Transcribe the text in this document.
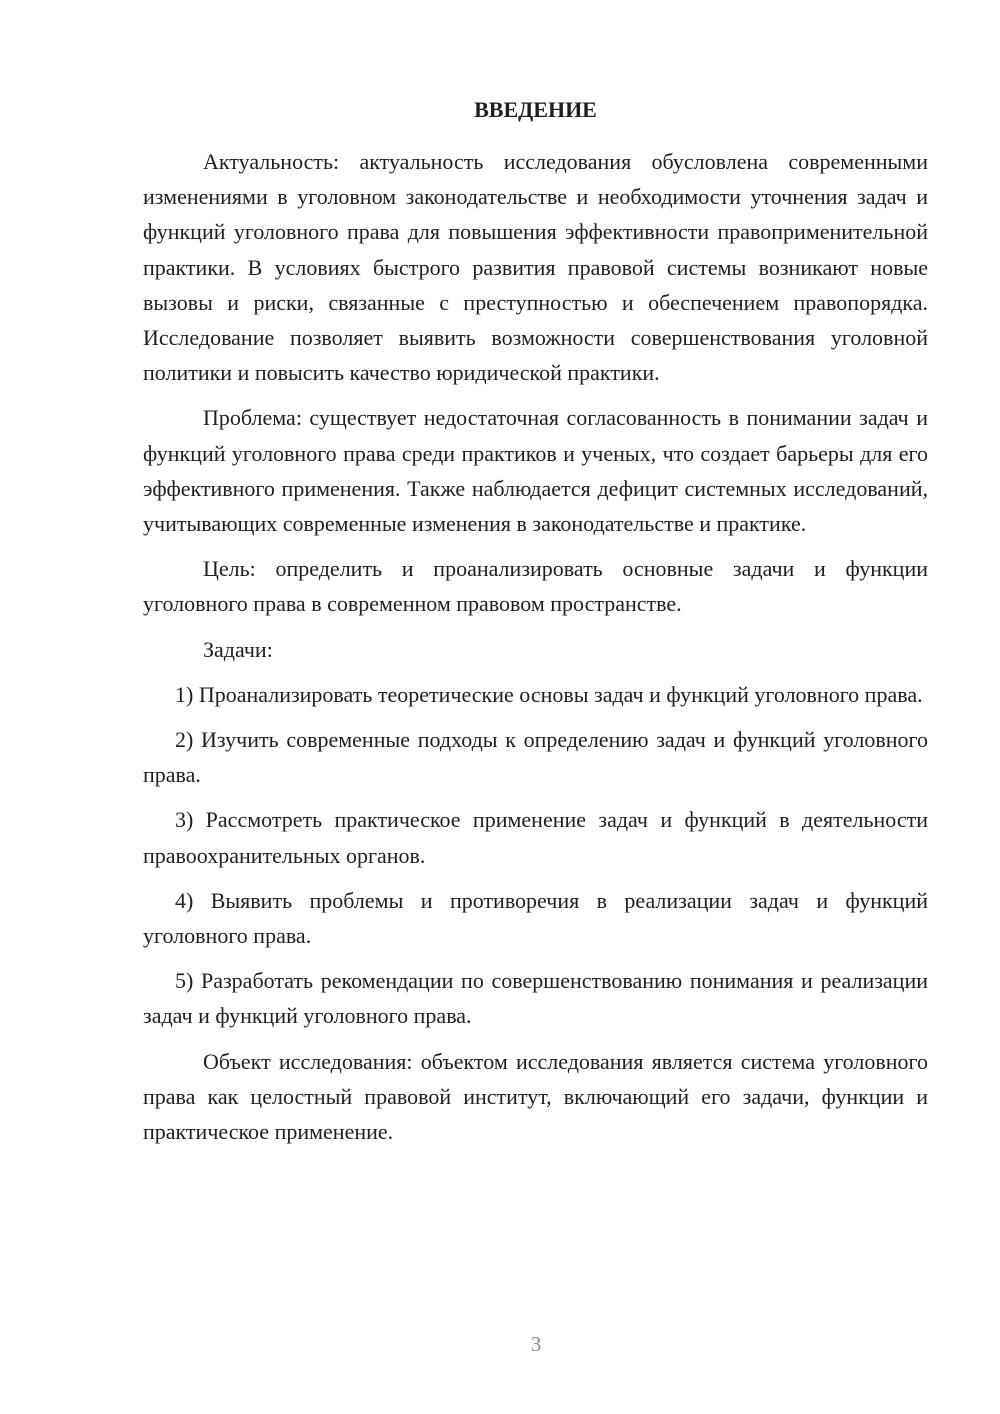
ВВЕДЕНИЕ

Актуальность: актуальность исследования обусловлена современными изменениями в уголовном законодательстве и необходимости уточнения задач и функций уголовного права для повышения эффективности правоприменительной практики. В условиях быстрого развития правовой системы возникают новые вызовы и риски, связанные с преступностью и обеспечением правопорядка. Исследование позволяет выявить возможности совершенствования уголовной политики и повысить качество юридической практики.

Проблема: существует недостаточная согласованность в понимании задач и функций уголовного права среди практиков и ученых, что создает барьеры для его эффективного применения. Также наблюдается дефицит системных исследований, учитывающих современные изменения в законодательстве и практике.

Цель: определить и проанализировать основные задачи и функции уголовного права в современном правовом пространстве.

Задачи:

1) Проанализировать теоретические основы задач и функций уголовного права.

2) Изучить современные подходы к определению задач и функций уголовного права.

3) Рассмотреть практическое применение задач и функций в деятельности правоохранительных органов.

4) Выявить проблемы и противоречия в реализации задач и функций уголовного права.

5) Разработать рекомендации по совершенствованию понимания и реализации задач и функций уголовного права.

Объект исследования: объектом исследования является система уголовного права как целостный правовой институт, включающий его задачи, функции и практическое применение.

3
